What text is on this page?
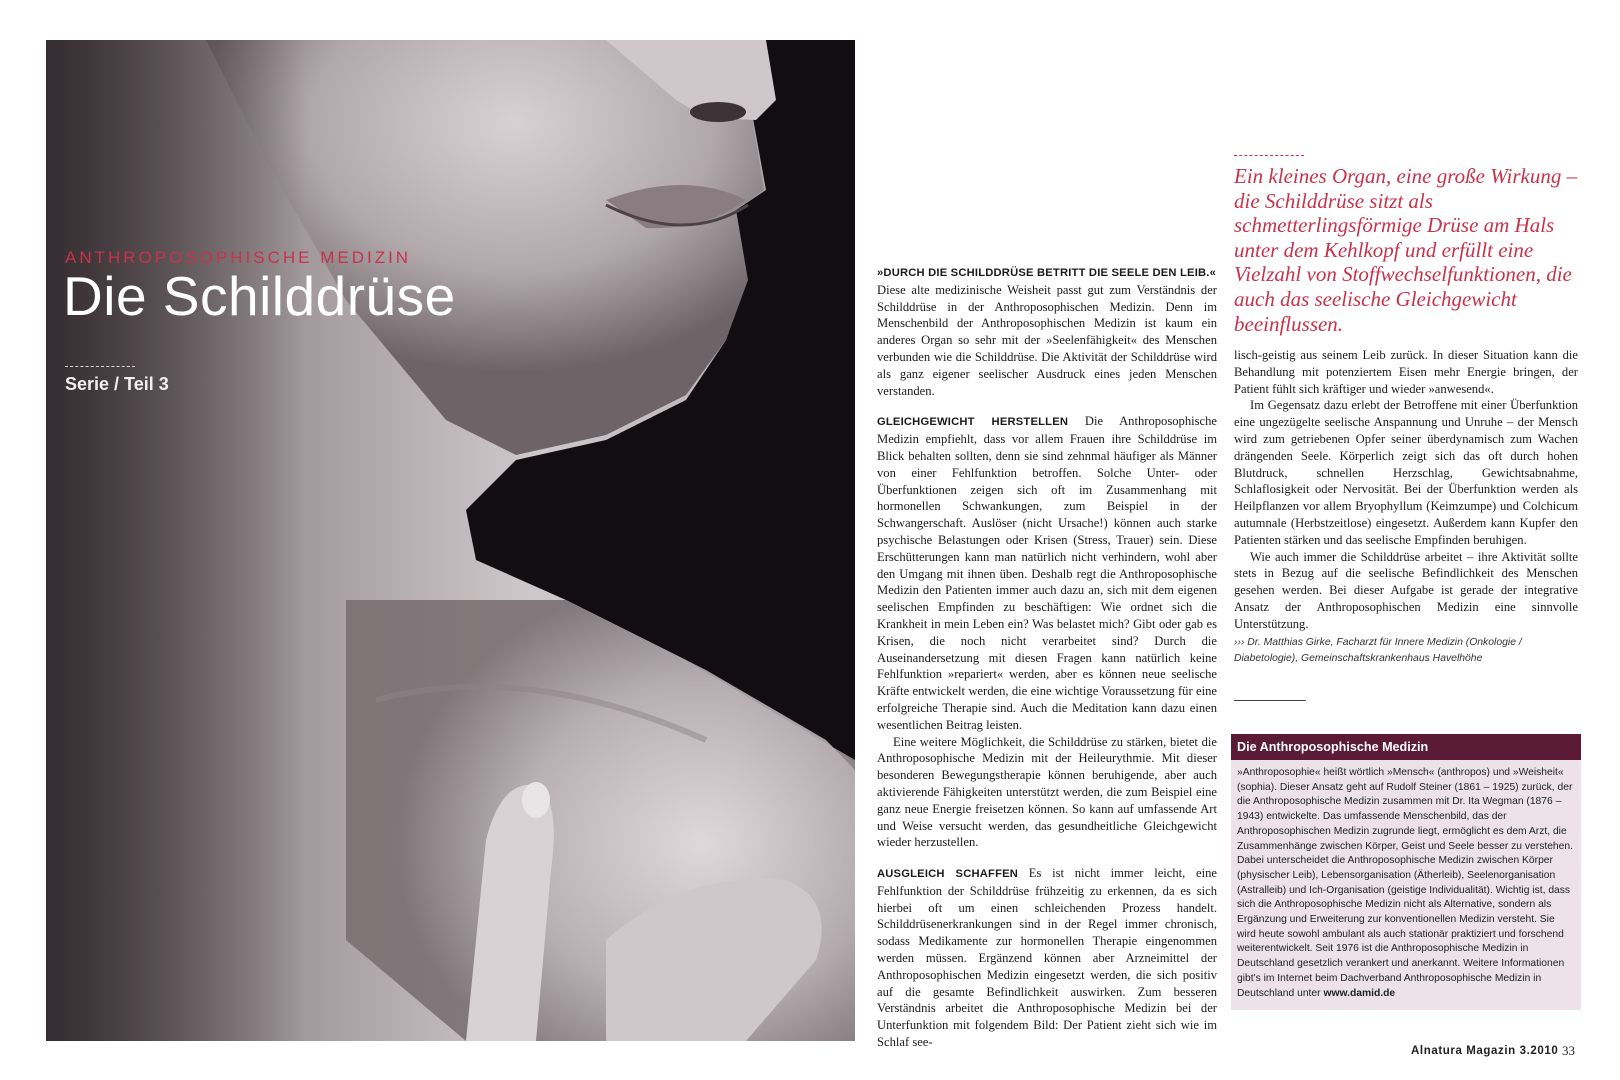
ANTHROPOSOPHISCHE MEDIZIN
Die Schilddrüse
Serie / Teil 3

»DURCH DIE SCHILDDRÜSE BETRITT DIE SEELE DEN LEIB.«
Diese alte medizinische Weisheit passt gut zum Verständnis der Schilddrüse in der Anthroposophischen Medizin. Denn im Menschenbild der Anthroposophischen Medizin ist kaum ein anderes Organ so sehr mit der »Seelenfähigkeit« des Menschen verbunden wie die Schilddrüse. Die Aktivität der Schilddrüse wird als ganz eigener seelischer Ausdruck eines jeden Menschen verstanden.

GLEICHGEWICHT HERSTELLEN Die Anthroposophische Medizin empfiehlt, dass vor allem Frauen ihre Schilddrüse im Blick behalten sollten, denn sie sind zehnmal häufiger als Männer von einer Fehlfunktion betroffen. Solche Unter- oder Überfunktionen zeigen sich oft im Zusammenhang mit hormonellen Schwankungen, zum Beispiel in der Schwangerschaft. Auslöser (nicht Ursache!) können auch starke psychische Belastungen oder Krisen (Stress, Trauer) sein. Diese Erschütterungen kann man natürlich nicht verhindern, wohl aber den Umgang mit ihnen üben. Deshalb regt die Anthroposophische Medizin den Patienten immer auch dazu an, sich mit dem eigenen seelischen Empfinden zu beschäftigen: Wie ordnet sich die Krankheit in mein Leben ein? Was belastet mich? Gibt oder gab es Krisen, die noch nicht verarbeitet sind? Durch die Auseinandersetzung mit diesen Fragen kann natürlich keine Fehlfunktion »repariert« werden, aber es können neue seelische Kräfte entwickelt werden, die eine wichtige Voraussetzung für eine erfolgreiche Therapie sind. Auch die Meditation kann dazu einen wesentlichen Beitrag leisten.

Eine weitere Möglichkeit, die Schilddrüse zu stärken, bietet die Anthroposophische Medizin mit der Heileurythmie. Mit dieser besonderen Bewegungstherapie können beruhigende, aber auch aktivierende Fähigkeiten unterstützt werden, die zum Beispiel eine ganz neue Energie freisetzen können. So kann auf umfassende Art und Weise versucht werden, das gesundheitliche Gleichgewicht wieder herzustellen.

AUSGLEICH SCHAFFEN Es ist nicht immer leicht, eine Fehlfunktion der Schilddrüse frühzeitig zu erkennen, da es sich hierbei oft um einen schleichenden Prozess handelt. Schilddrüsenerkrankungen sind in der Regel immer chronisch, sodass Medikamente zur hormonellen Therapie eingenommen werden müssen. Ergänzend können aber Arzneimittel der Anthroposophischen Medizin eingesetzt werden, die sich positiv auf die gesamte Befindlichkeit auswirken. Zum besseren Verständnis arbeitet die Anthroposophische Medizin bei der Unterfunktion mit folgendem Bild: Der Patient zieht sich wie im Schlaf see-

Ein kleines Organ, eine große Wirkung – die Schilddrüse sitzt als schmetterlingsförmige Drüse am Hals unter dem Kehlkopf und erfüllt eine Vielzahl von Stoffwechselfunktionen, die auch das seelische Gleichgewicht beeinflussen.

lisch-geistig aus seinem Leib zurück. In dieser Situation kann die Behandlung mit potenziertem Eisen mehr Energie bringen, der Patient fühlt sich kräftiger und wieder »anwesend«.

Im Gegensatz dazu erlebt der Betroffene mit einer Überfunktion eine ungezügelte seelische Anspannung und Unruhe – der Mensch wird zum getriebenen Opfer seiner überdynamisch zum Wachen drängenden Seele. Körperlich zeigt sich das oft durch hohen Blutdruck, schnellen Herzschlag, Gewichtsabnahme, Schlaflosigkeit oder Nervosität. Bei der Überfunktion werden als Heilpflanzen vor allem Bryophyllum (Keimzumpe) und Colchicum autumnale (Herbstzeitlose) eingesetzt. Außerdem kann Kupfer den Patienten stärken und das seelische Empfinden beruhigen.

Wie auch immer die Schilddrüse arbeitet – ihre Aktivität sollte stets in Bezug auf die seelische Befindlichkeit des Menschen gesehen werden. Bei dieser Aufgabe ist gerade der integrative Ansatz der Anthroposophischen Medizin eine sinnvolle Unterstützung.

››› Dr. Matthias Girke, Facharzt für Innere Medizin (Onkologie / Diabetologie), Gemeinschaftskrankenhaus Havelhöhe

Die Anthroposophische Medizin
»Anthroposophie« heißt wörtlich »Mensch« (anthropos) und »Weisheit« (sophia). Dieser Ansatz geht auf Rudolf Steiner (1861 – 1925) zurück, der die Anthroposophische Medizin zusammen mit Dr. Ita Wegman (1876 – 1943) entwickelte. Das umfassende Menschenbild, das der Anthroposophischen Medizin zugrunde liegt, ermöglicht es dem Arzt, die Zusammenhänge zwischen Körper, Geist und Seele besser zu verstehen. Dabei unterscheidet die Anthroposophische Medizin zwischen Körper (physischer Leib), Lebensorganisation (Ätherleib), Seelenorganisation (Astralleib) und Ich-Organisation (geistige Individualität). Wichtig ist, dass sich die Anthroposophische Medizin nicht als Alternative, sondern als Ergänzung und Erweiterung zur konventionellen Medizin versteht. Sie wird heute sowohl ambulant als auch stationär praktiziert und forschend weiterentwickelt. Seit 1976 ist die Anthroposophische Medizin in Deutschland gesetzlich verankert und anerkannt. Weitere Informationen gibt's im Internet beim Dachverband Anthroposophische Medizin in Deutschland unter www.damid.de
Alnatura Magazin 3.2010 33
